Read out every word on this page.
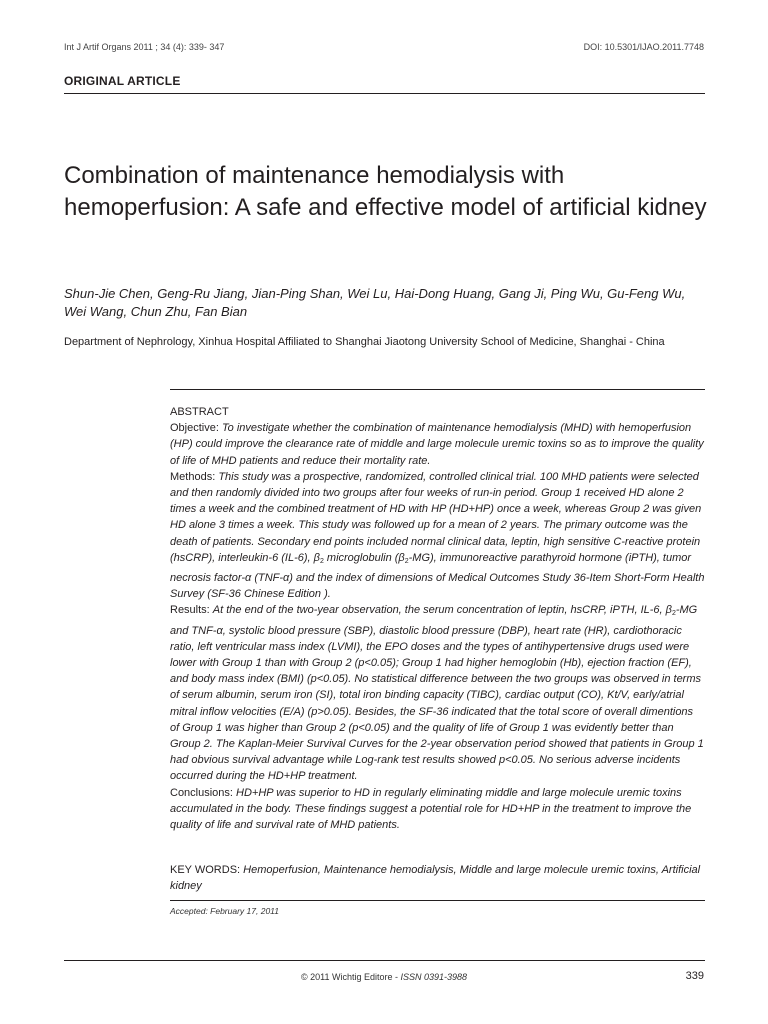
Int J Artif Organs 2011 ; 34 (4): 339- 347	DOI: 10.5301/IJAO.2011.7748
ORIGINAL ARTICLE
Combination of maintenance hemodialysis with hemoperfusion: A safe and effective model of artificial kidney
Shun-Jie Chen, Geng-Ru Jiang, Jian-Ping Shan, Wei Lu, Hai-Dong Huang, Gang Ji, Ping Wu, Gu-Feng Wu, Wei Wang, Chun Zhu, Fan Bian
Department of Nephrology, Xinhua Hospital Affiliated to Shanghai Jiaotong University School of Medicine, Shanghai - China

ABSTRACT

Objective: To investigate whether the combination of maintenance hemodialysis (MHD) with hemoperfusion (HP) could improve the clearance rate of middle and large molecule uremic toxins so as to improve the quality of life of MHD patients and reduce their mortality rate.

Methods: This study was a prospective, randomized, controlled clinical trial. 100 MHD patients were selected and then randomly divided into two groups after four weeks of run-in period. Group 1 received HD alone 2 times a week and the combined treatment of HD with HP (HD+HP) once a week, whereas Group 2 was given HD alone 3 times a week. This study was followed up for a mean of 2 years. The primary outcome was the death of patients. Secondary end points included normal clinical data, leptin, high sensitive C-reactive protein (hsCRP), interleukin-6 (IL-6), $\beta_2$ microglobulin $(\beta_2-MG)$, immunoreactive parathyroid hormone (iPTH), tumor necrosis factor-α (TNF-α) and the index of dimensions of Medical Outcomes Study 36-Item Short-Form Health Survey (SF-36 Chinese Edition ).

Results: At the end of the two-year observation, the serum concentration of leptin, hsCRP, iPTH, IL-6, $\beta_2-MG$ and TNF-α, systolic blood pressure (SBP), diastolic blood pressure (DBP), heart rate (HR), cardiothoracic ratio, left ventricular mass index (LVMI), the EPO doses and the types of antihypertensive drugs used were lower with Group 1 than with Group 2 (p<0.05); Group 1 had higher hemoglobin (Hb), ejection fraction (EF), and body mass index (BMI) (p<0.05). No statistical difference between the two groups was observed in terms of serum albumin, serum iron (SI), total iron binding capacity (TIBC), cardiac output (CO), Kt/V, early/atrial mitral inflow velocities (E/A) (p>0.05). Besides, the SF-36 indicated that the total score of overall dimentions of Group 1 was higher than Group 2 (p<0.05) and the quality of life of Group 1 was evidently better than Group 2. The Kaplan-Meier Survival Curves for the 2-year observation period showed that patients in Group 1 had obvious survival advantage while Log-rank test results showed p<0.05. No serious adverse incidents occurred during the HD+HP treatment.

Conclusions: HD+HP was superior to HD in regularly eliminating middle and large molecule uremic toxins accumulated in the body. These findings suggest a potential role for HD+HP in the treatment to improve the quality of life and survival rate of MHD patients.

KEY WORDS: Hemoperfusion, Maintenance hemodialysis, Middle and large molecule uremic toxins, Artificial kidney
Accepted: February 17, 2011
© 2011 Wichtig Editore - ISSN 0391-3988	339
